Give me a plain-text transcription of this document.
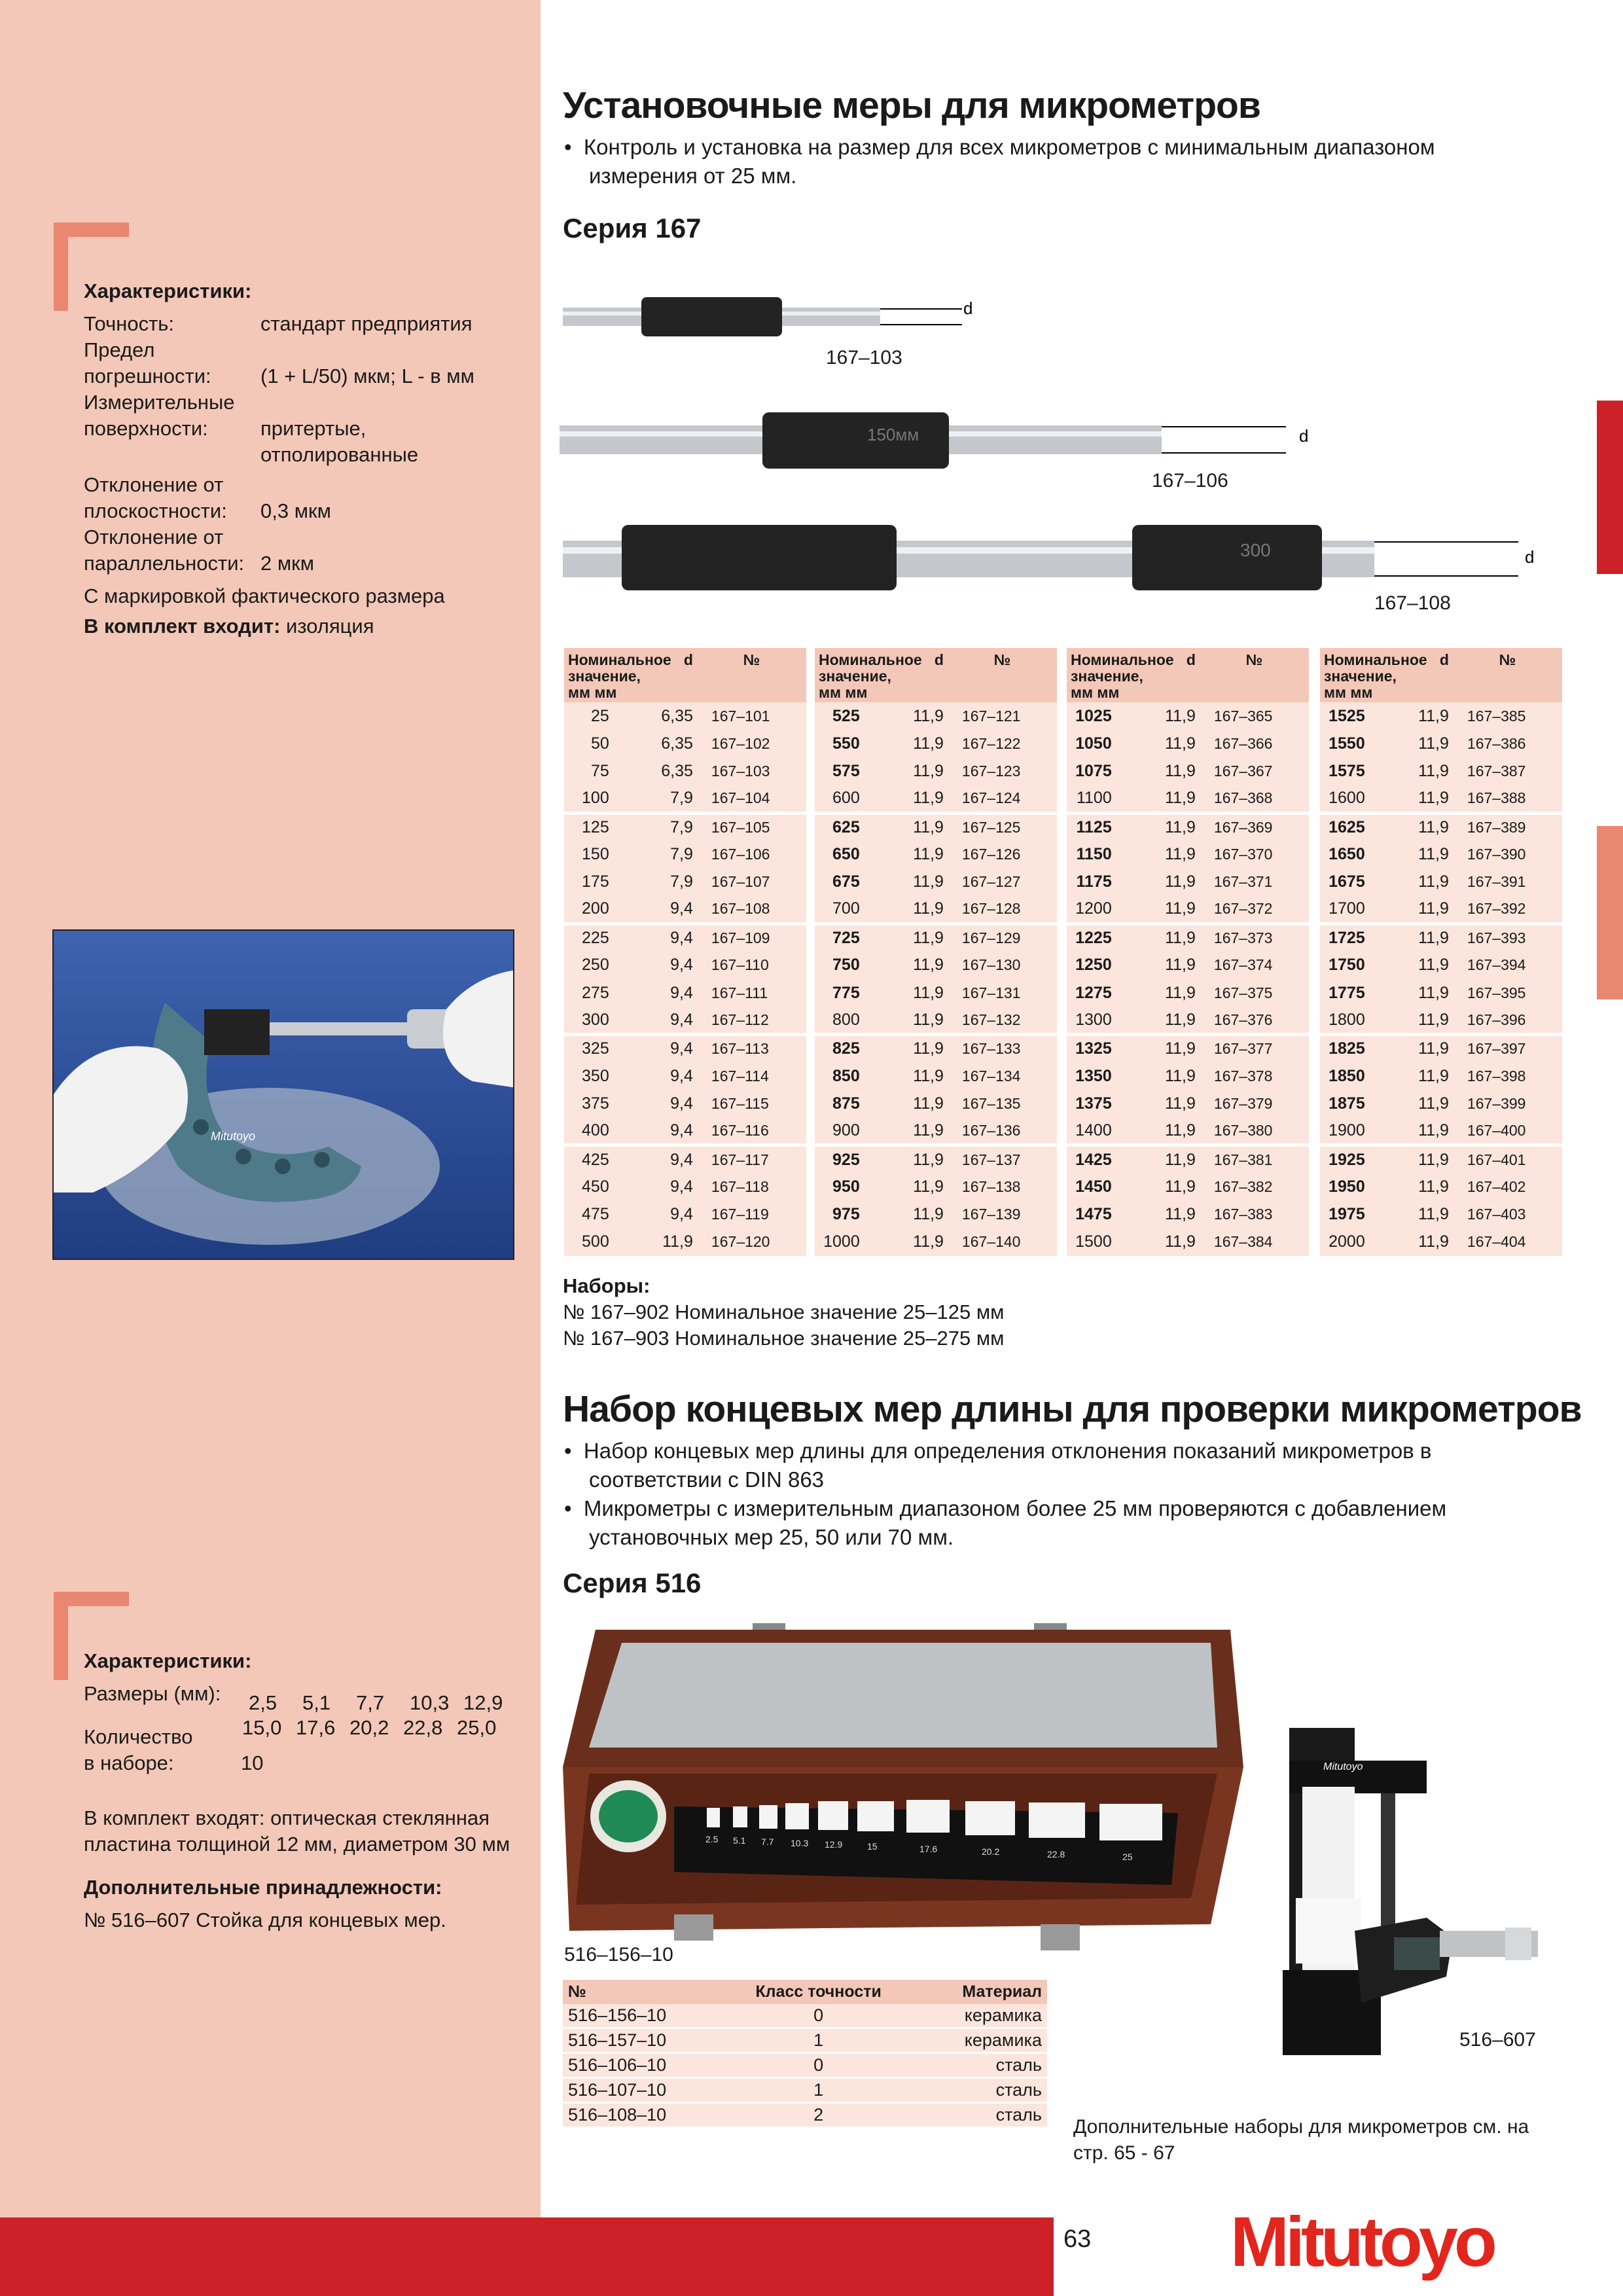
Характеристики:
Точность:	стандарт предприятия
Предел
погрешности:	(1 + L/50) мкм; L - в мм
Измерительные
поверхности:	притертые,
отполированные
Отклонение от
плоскостности:	0,3 мкм
Отклонение от
параллельности: 2 мкм
С маркировкой фактического размера
В комплект входит: изоляция
Mitutoyo
Характеристики:
Размеры (мм):
Количество
в наборе:	10
В комплект входят: оптическая стеклянная
пластина толщиной 12 мм, диаметром 30 мм
Дополнительные принадлежности:
№ 516–607 Стойка для концевых мер.
2,5	5,1	7,7	10,3 12,9
15,0 17,6 20,2 22,8 25,0
Установочные меры для микрометров
•  Контроль и установка на размер для всех микрометров с минимальным диапазоном измерения от 25 мм.
Серия 167
d
167–103
150мм	d
167–106
300	d
167–108
Номинальное d
значение, мм мм		№
25	6,35	167–101
50	6,35	167–102
75	6,35	167–103
100	7,9	167–104
125	7,9	167–105
150	7,9	167–106
175	7,9	167–107
200	9,4	167–108
225	9,4	167–109
250	9,4	167–110
275	9,4	167–111
300	9,4	167–112
325	9,4	167–113
350	9,4	167–114
375	9,4	167–115
400	9,4	167–116
425	9,4	167–117
450	9,4	167–118
475	9,4	167–119
500	11,9	167–120
Номинальное d
значение, мм мм		№
525	11,9	167–121
550	11,9	167–122
575	11,9	167–123
600	11,9	167–124
625	11,9	167–125
650	11,9	167–126
675	11,9	167–127
700	11,9	167–128
725	11,9	167–129
750	11,9	167–130
775	11,9	167–131
800	11,9	167–132
825	11,9	167–133
850	11,9	167–134
875	11,9	167–135
900	11,9	167–136
925	11,9	167–137
950	11,9	167–138
975	11,9	167–139
1000	11,9	167–140
Номинальное d
значение, мм мм		№
1025	11,9	167–365
1050	11,9	167–366
1075	11,9	167–367
1100	11,9	167–368
1125	11,9	167–369
1150	11,9	167–370
1175	11,9	167–371
1200	11,9	167–372
1225	11,9	167–373
1250	11,9	167–374
1275	11,9	167–375
1300	11,9	167–376
1325	11,9	167–377
1350	11,9	167–378
1375	11,9	167–379
1400	11,9	167–380
1425	11,9	167–381
1450	11,9	167–382
1475	11,9	167–383
1500	11,9	167–384
Номинальное d
значение, мм мм		№
1525	11,9	167–385
1550	11,9	167–386
1575	11,9	167–387
1600	11,9	167–388
1625	11,9	167–389
1650	11,9	167–390
1675	11,9	167–391
1700	11,9	167–392
1725	11,9	167–393
1750	11,9	167–394
1775	11,9	167–395
1800	11,9	167–396
1825	11,9	167–397
1850	11,9	167–398
1875	11,9	167–399
1900	11,9	167–400
1925	11,9	167–401
1950	11,9	167–402
1975	11,9	167–403
2000	11,9	167–404
Наборы:
№ 167–902 Номинальное значение 25–125 мм
№ 167–903 Номинальное значение 25–275 мм
Набор концевых мер длины для проверки микрометров
•  Набор концевых мер длины для определения отклонения показаний микрометров в соответствии с DIN 863
•  Микрометры с измерительным диапазоном более 25 мм проверяются с добавлением установочных мер 25, 50 или 70 мм.
Серия 516
2.5 5.1 7.7 10.3 12.9	15	17.6	20.2	22.8	25
516–156–10
Mitutoyo
516–607
№	Класс точности	Материал
516–156–10	0	керамика
516–157–10	1	керамика
516–106–10	0	сталь
516–107–10	1	сталь
516–108–10	2	сталь
Дополнительные наборы для микрометров см. на стр. 65 - 67
63 Mitutoyo
